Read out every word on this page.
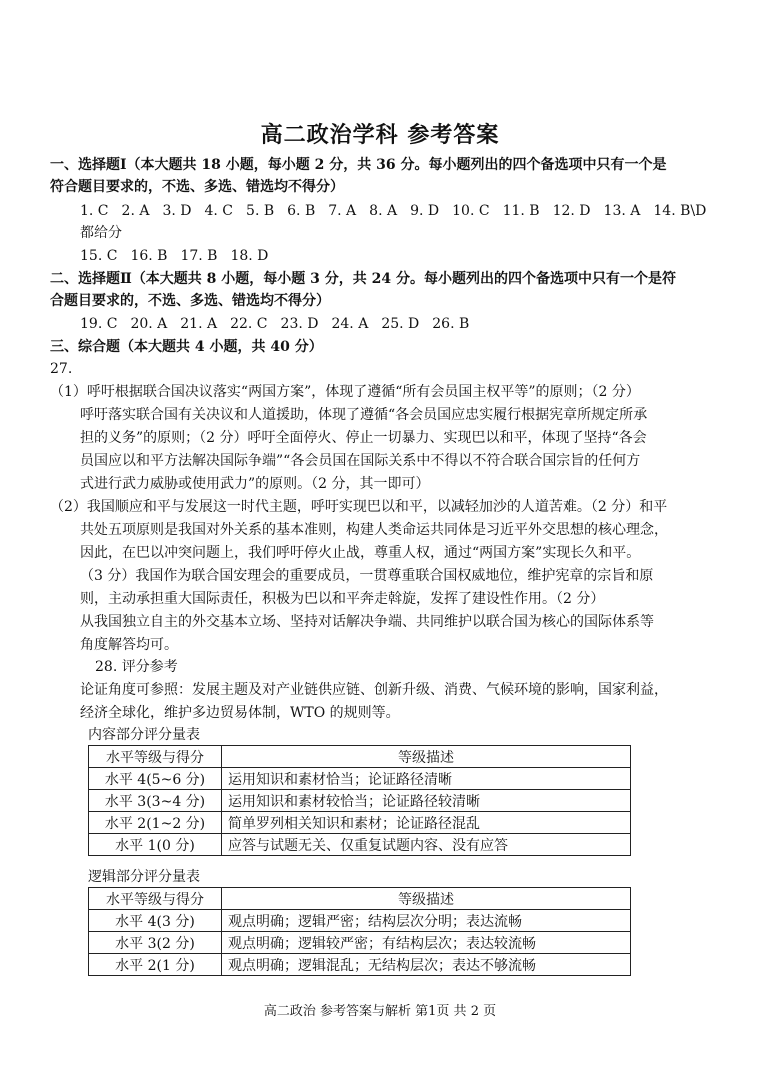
高二政治学科 参考答案
一、选择题Ⅰ（本大题共 18 小题，每小题 2 分，共 36 分。每小题列出的四个备选项中只有一个是
符合题目要求的，不选、多选、错选均不得分）
1. C 2. A 3. D 4. C 5. B 6. B 7. A 8. A 9. D 10. C 11. B 12. D 13. A 14. B\D
都给分
15. C 16. B 17. B 18. D
二、选择题Ⅱ（本大题共 8 小题，每小题 3 分，共 24 分。每小题列出的四个备选项中只有一个是符
合题目要求的，不选、多选、错选均不得分）
19. C 20. A 21. A 22. C 23. D 24. A 25. D 26. B
三、综合题（本大题共 4 小题，共 40 分）
27.
（1）呼吁根据联合国决议落实“两国方案”，体现了遵循“所有会员国主权平等”的原则；（2 分）
呼吁落实联合国有关决议和人道援助，体现了遵循“各会员国应忠实履行根据宪章所规定所承
担的义务”的原则；（2 分）呼吁全面停火、停止一切暴力、实现巴以和平，体现了坚持“各会
员国应以和平方法解决国际争端”“各会员国在国际关系中不得以不符合联合国宗旨的任何方
式进行武力威胁或使用武力”的原则。（2 分，其一即可）
（2）我国顺应和平与发展这一时代主题，呼吁实现巴以和平，以减轻加沙的人道苦难。（2 分）和平
共处五项原则是我国对外关系的基本准则，构建人类命运共同体是习近平外交思想的核心理念，
因此，在巴以冲突问题上，我们呼吁停火止战，尊重人权，通过“两国方案”实现长久和平。
（3 分）我国作为联合国安理会的重要成员，一贯尊重联合国权威地位，维护宪章的宗旨和原
则，主动承担重大国际责任，积极为巴以和平奔走斡旋，发挥了建设性作用。（2 分）
从我国独立自主的外交基本立场、坚持对话解决争端、共同维护以联合国为核心的国际体系等
角度解答均可。
28. 评分参考
论证角度可参照：发展主题及对产业链供应链、创新升级、消费、气候环境的影响，国家利益，
经济全球化，维护多边贸易体制，WTO 的规则等。
内容部分评分量表
水平等级与得分	等级描述
水平 4(5~6 分)	运用知识和素材恰当；论证路径清晰
水平 3(3~4 分)	运用知识和素材较恰当；论证路径较清晰
水平 2(1~2 分)	简单罗列相关知识和素材；论证路径混乱
水平 1(0 分)	应答与试题无关、仅重复试题内容、没有应答
逻辑部分评分量表
水平等级与得分	等级描述
水平 4(3 分)	观点明确；逻辑严密；结构层次分明；表达流畅
水平 3(2 分)	观点明确；逻辑较严密；有结构层次；表达较流畅
水平 2(1 分)	观点明确；逻辑混乱；无结构层次；表达不够流畅
高二政治 参考答案与解析 第1页 共 2 页
